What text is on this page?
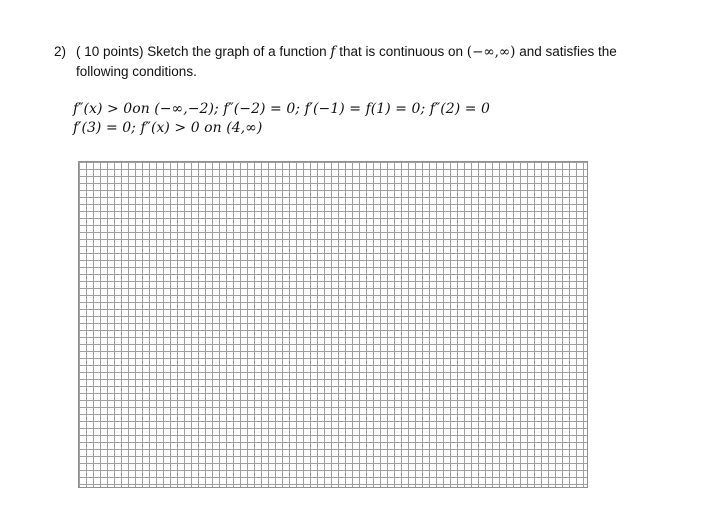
2) ( 10 points) Sketch the graph of a function f that is continuous on (−∞,∞) and satisfies the
following conditions.
f″(x) > 0on (−∞,−2); f″(−2) = 0; f′(−1) = f(1) = 0; f″(2) = 0
f′(3) = 0; f″(x) > 0 on (4,∞)
